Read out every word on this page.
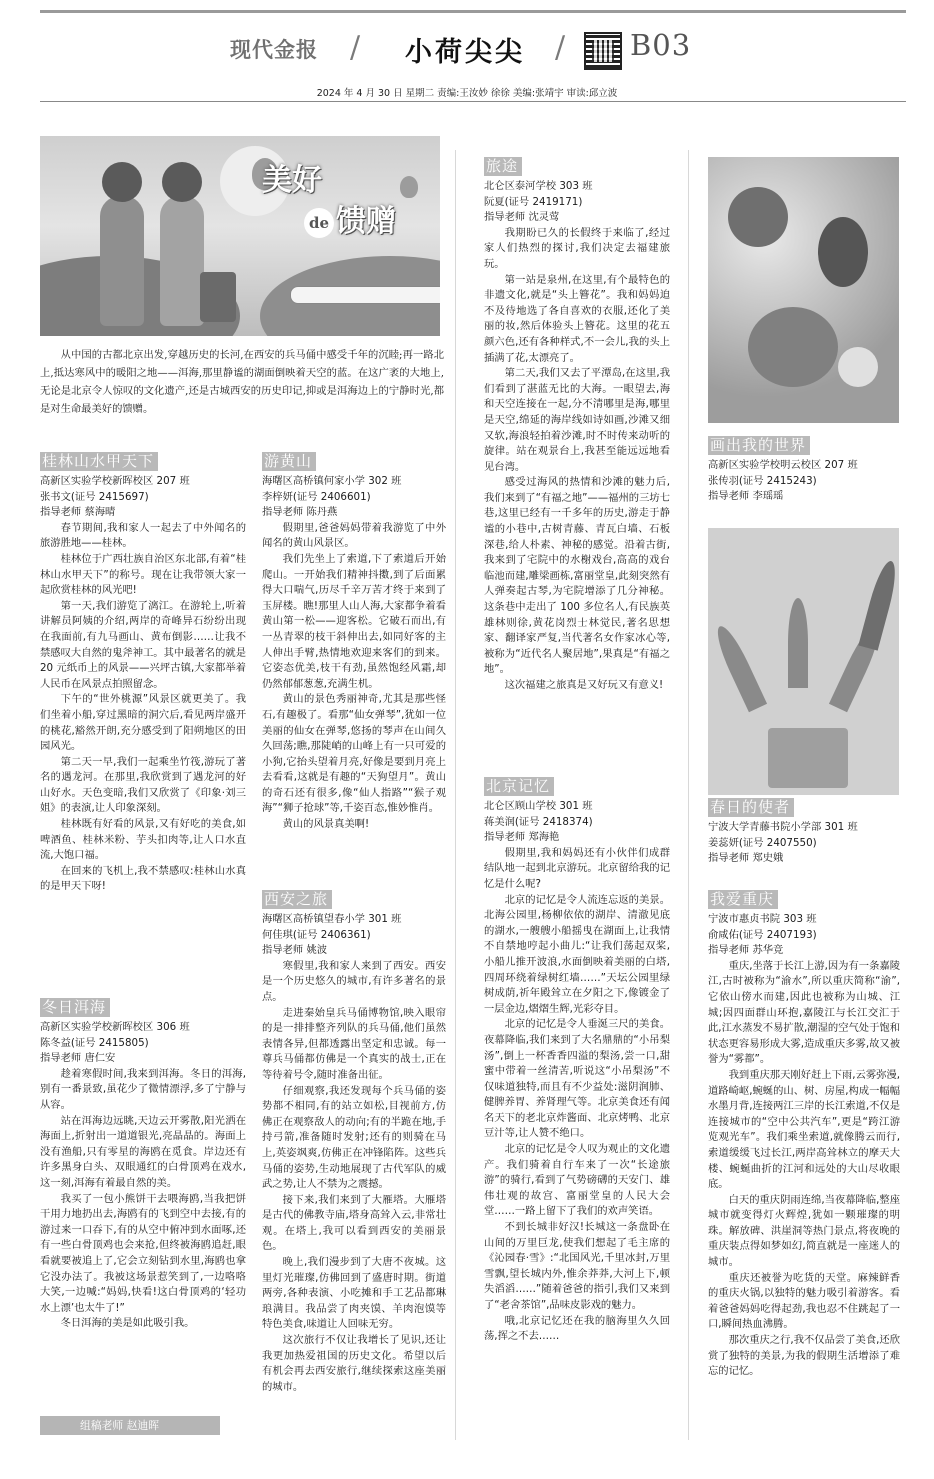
现代金报 / 小荷尖尖 / B03
2024 年 4 月 30 日 星期二 责编:王汝妙 徐徐 美编:张靖宇 审读:邱立波
美好
de 馈赠
从中国的古都北京出发,穿越历史的长河,在西安的兵马俑中感受千年的沉睦;再一路北上,抵达寒风中的暖阳之地——洱海,那里静谧的湖面倒映着天空的蓝。在这广袤的大地上,无论是北京令人惊叹的文化遗产,还是古城西安的历史印记,抑或是洱海边上的宁静时光,都是对生命最美好的馈赠。
桂林山水甲天下
高新区实验学校新晖校区 207 班
张书文(证号 2415697)
指导老师 蔡海晴

春节期间,我和家人一起去了中外闻名的旅游胜地——桂林。

桂林位于广西壮族自治区东北部,有着“桂林山水甲天下”的称号。现在让我带领大家一起欣赏桂林的风光吧!

第一天,我们游览了漓江。在游轮上,听着讲解员阿姨的介绍,两岸的奇峰异石纷纷出现在我面前,有九马画山、黄布倒影……让我不禁感叹大自然的鬼斧神工。其中最著名的就是 20 元纸币上的风景——兴坪古镇,大家都举着人民币在风景点拍照留念。

下午的“世外桃源”风景区就更美了。我们坐着小船,穿过黑暗的洞穴后,看见两岸盛开的桃花,豁然开朗,充分感受到了阳朔地区的田园风光。

第二天一早,我们一起乘坐竹筏,游玩了著名的遇龙河。在那里,我欣赏到了遇龙河的好山好水。天色变暗,我们又欣赏了《印象·刘三姐》的表演,让人印象深刻。

桂林既有好看的风景,又有好吃的美食,如啤酒鱼、桂林米粉、芋头扣肉等,让人口水直流,大饱口福。

在回来的飞机上,我不禁感叹:桂林山水真的是甲天下呀!

冬日洱海
高新区实验学校新晖校区 306 班
陈冬益(证号 2415805)
指导老师 唐仁安

趁着寒假时间,我来到洱海。冬日的洱海,别有一番景致,虽花少了微情漂浮,多了宁静与从容。

站在洱海边远眺,天边云开雾散,阳光洒在海面上,折射出一道道银光,亮晶晶的。海面上没有渔船,只有零星的海鸥在觅食。岸边还有许多黑身白头、双眼通红的白骨顶鸡在戏水,这一刻,洱海有着最自然的美。

我买了一包小熊饼干去喂海鸥,当我把饼干用力地扔出去,海鸥有的飞到空中去接,有的游过来一口吞下,有的从空中俯冲到水面啄,还有一些白骨顶鸡也会来抢,但终被海鸥追赶,眼看就要被追上了,它会立刻钻到水里,海鸥也拿它没办法了。我被这场景惹笑到了,一边咯咯大笑,一边喊:“妈妈,快看!这白骨顶鸡的‘轻功水上漂’也太牛了!”

冬日洱海的美是如此吸引我。

游黄山
海曙区高桥镇何家小学 302 班
李梓妍(证号 2406601)
指导老师 陈丹燕

假期里,爸爸妈妈带着我游览了中外闻名的黄山风景区。

我们先坐上了索道,下了索道后开始爬山。一开始我们精神抖擞,到了后面累得大口喘气,历尽千辛万苦才终于来到了玉屏楼。瞧!那里人山人海,大家都争着看黄山第一松——迎客松。它破石而出,有一丛青翠的枝干斜伸出去,如同好客的主人伸出手臂,热情地欢迎来客们的到来。它姿态优美,枝干有劲,虽然饱经风霜,却仍然郁郁葱葱,充满生机。

黄山的景色秀丽神奇,尤其是那些怪石,有趣极了。看那“仙女弹琴”,犹如一位美丽的仙女在弹琴,悠扬的琴声在山间久久回荡;瞧,那陡峭的山峰上有一只可爱的小狗,它抬头望着月亮,好像是要到月亮上去看看,这就是有趣的“天狗望月”。黄山的奇石还有很多,像“仙人指路”“猴子观海”“狮子抢球”等,千姿百态,惟妙惟肖。

黄山的风景真美啊!

西安之旅
海曙区高桥镇望春小学 301 班
何佳琪(证号 2406361)
指导老师 姚波

寒假里,我和家人来到了西安。西安是一个历史悠久的城市,有许多著名的景点。

走进秦始皇兵马俑博物馆,映入眼帘的是一排排整齐列队的兵马俑,他们虽然表情各异,但都透露出坚定和忠诚。每一尊兵马俑都仿佛是一个真实的战士,正在等待着号令,随时准备出征。

仔细观察,我还发现每个兵马俑的姿势都不相同,有的站立如松,目视前方,仿佛正在观察敌人的动向;有的半跪在地,手持弓箭,准备随时发射;还有的则骑在马上,英姿飒爽,仿佛正在冲锋陷阵。这些兵马俑的姿势,生动地展现了古代军队的威武之势,让人不禁为之震撼。

接下来,我们来到了大雁塔。大雁塔是古代的佛教寺庙,塔身高耸入云,非常壮观。在塔上,我可以看到西安的美丽景色。

晚上,我们漫步到了大唐不夜城。这里灯光璀璨,仿佛回到了盛唐时期。街道两旁,各种表演、小吃摊和手工艺品都琳琅满目。我品尝了肉夹馍、羊肉泡馍等特色美食,味道让人回味无穷。

这次旅行不仅让我增长了见识,还让我更加热爱祖国的历史文化。希望以后有机会再去西安旅行,继续探索这座美丽的城市。

旅途
北仑区泰河学校 303 班
阮夏(证号 2419171)
指导老师 沈灵莺

我期盼已久的长假终于来临了,经过家人们热烈的探讨,我们决定去福建旅玩。

第一站是泉州,在这里,有个最特色的非遗文化,就是“头上簪花”。我和妈妈迫不及待地选了各自喜欢的衣服,还化了美丽的妆,然后体验头上簪花。这里的花五颜六色,还有各种样式,不一会儿,我的头上插满了花,太漂亮了。

第二天,我们又去了平潭岛,在这里,我们看到了湛蓝无比的大海。一眼望去,海和天空连接在一起,分不清哪里是海,哪里是天空,绵延的海岸线如诗如画,沙滩又细又软,海浪轻拍着沙滩,时不时传来动听的旋律。站在观景台上,我甚至能远远地看见台湾。

感受过海风的热情和沙滩的魅力后,我们来到了“有福之地”——福州的三坊七巷,这里已经有一千多年的历史,游走于静谧的小巷中,古树青藤、青瓦白墙、石板深巷,给人朴素、神秘的感觉。沿着古街,我来到了宅院中的水榭戏台,高高的戏台临池而建,雕梁画栋,富丽堂皇,此刻突然有人弹奏起古琴,为宅院增添了几分神秘。这条巷中走出了 100 多位名人,有民族英雄林则徐,黄花岗烈士林觉民,著名思想家、翻译家严复,当代著名女作家冰心等,被称为“近代名人聚居地”,果真是“有福之地”。

这次福建之旅真是又好玩又有意义!

北京记忆
北仑区顾山学校 301 班
蒋美润(证号 2418374)
指导老师 郑海艳

假期里,我和妈妈还有小伙伴们成群结队地一起到北京游玩。北京留给我的记忆是什么呢?

北京的记忆是令人流连忘返的美景。北海公园里,杨柳依依的湖岸、清澈见底的湖水,一艘艘小船摇曳在湖面上,让我情不自禁地哼起小曲儿:“让我们荡起双桨,小船儿推开波浪,水面倒映着美丽的白塔,四周环绕着绿树红墙……”天坛公园里绿树成荫,祈年殿耸立在夕阳之下,像镀金了一层金边,熠熠生辉,光彩夺目。

北京的记忆是令人垂涎三尺的美食。夜幕降临,我们来到了大名鼎鼎的“小吊梨汤”,倒上一杯香香四溢的梨汤,尝一口,甜蜜中带着一丝清苦,听说这“小吊梨汤”不仅味道独特,而且有不少益处:滋阴润肺、健脾养胃、养肾理气等。北京美食还有闻名天下的老北京炸酱面、北京烤鸭、北京豆汁等,让人赞不绝口。

北京的记忆是令人叹为观止的文化遗产。我们骑着自行车来了一次“长途旅游”的骑行,看到了气势磅礴的天安门、雄伟壮观的故宫、富丽堂皇的人民大会堂……一路上留下了我们的欢声笑语。

不到长城非好汉!长城这一条盘卧在山间的万里巨龙,使我们想起了毛主席的《沁园春·雪》:“北国风光,千里冰封,万里雪飘,望长城内外,惟余莽莽,大河上下,顿失滔滔……”随着爸爸的指引,我们又来到了“老舍茶馆”,品味皮影戏的魅力。

哦,北京记忆还在我的脑海里久久回荡,挥之不去……

画出我的世界
高新区实验学校明云校区 207 班
张传羽(证号 2415243)
指导老师 李瑶瑶
春日的使者
宁波大学青藤书院小学部 301 班
姜蕊妍(证号 2407550)
指导老师 郑史娥
我爱重庆
宁波市惠贞书院 303 班
俞咸佑(证号 2407193)
指导老师 苏华竞

重庆,坐落于长江上游,因为有一条嘉陵江,古时被称为“渝水”,所以重庆简称“渝”,它依山傍水而建,因此也被称为山城、江城;因四面群山环抱,嘉陵江与长江交汇于此,江水蒸发不易扩散,潮湿的空气处于饱和状态更容易形成大雾,造成重庆多雾,故又被誉为“雾都”。

我到重庆那天刚好赶上下雨,云雾弥漫,道路崎岖,蜿蜒的山、树、房屋,构成一幅幅水墨月背,连接两江三岸的长江索道,不仅是连接城市的“空中公共汽车”,更是“跨江游览观光车”。我们乘坐索道,就像腾云而行,索道缓缓飞过长江,两岸高耸林立的摩天大楼、蜿蜒曲折的江河和远处的大山尽收眼底。

白天的重庆阴雨连绵,当夜幕降临,整座城市就变得灯火辉煌,犹如一颗璀璨的明珠。解放碑、洪崖洞等热门景点,将夜晚的重庆装点得如梦如幻,简直就是一座迷人的城市。

重庆还被誉为吃货的天堂。麻辣鲜香的重庆火锅,以独特的魅力吸引着游客。看着爸爸妈妈吃得起劲,我也忍不住跳起了一口,瞬间热血沸腾。

那次重庆之行,我不仅品尝了美食,还欣赏了独特的美景,为我的假期生活增添了难忘的记忆。

组稿老师 赵迪晖
